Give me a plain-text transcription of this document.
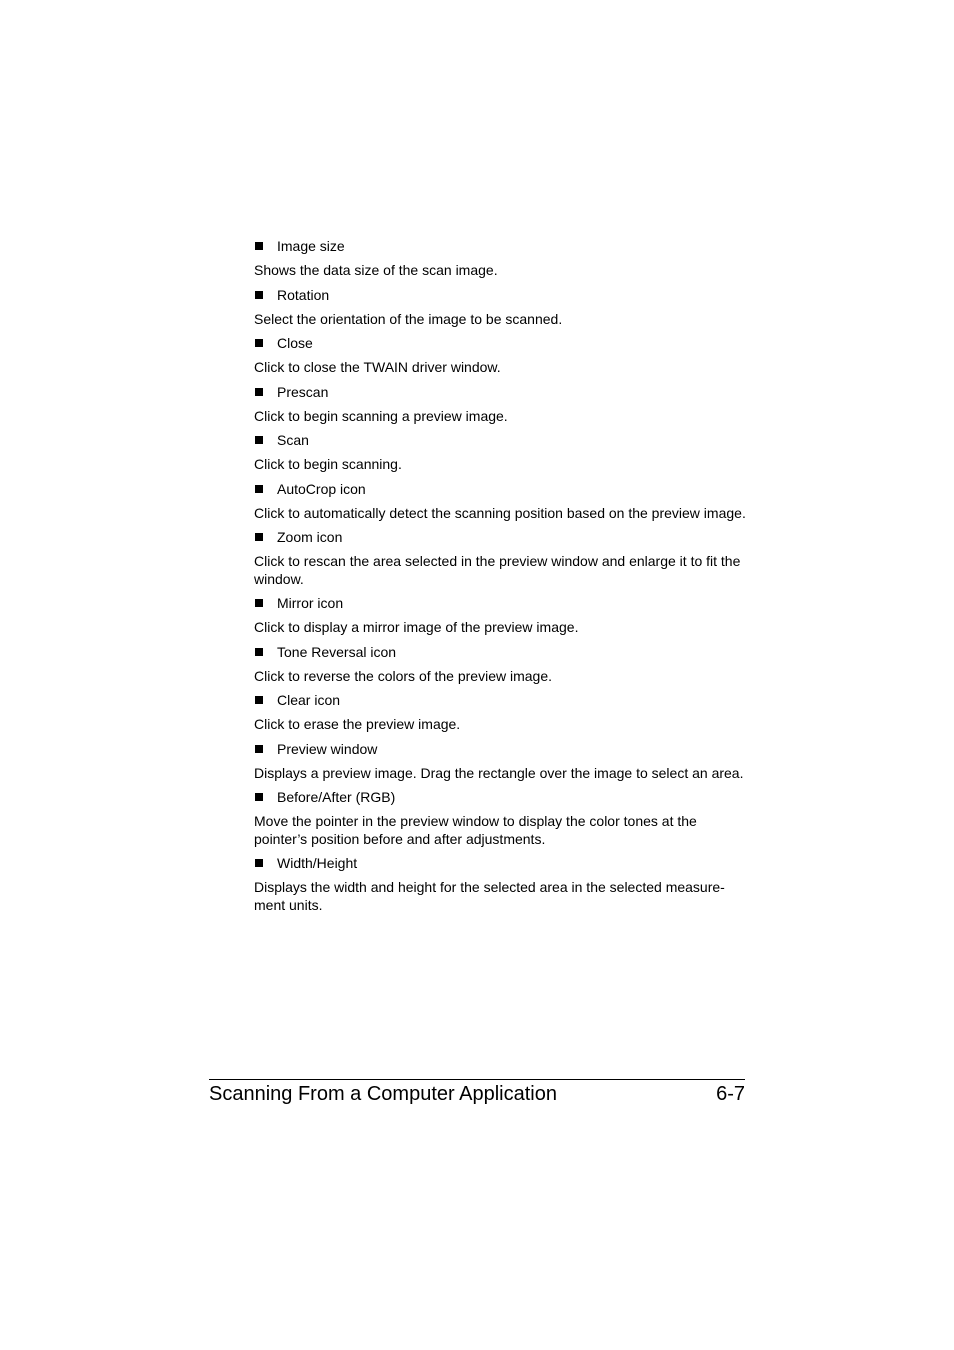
Image size
Shows the data size of the scan image.
Rotation
Select the orientation of the image to be scanned.
Close
Click to close the TWAIN driver window.
Prescan
Click to begin scanning a preview image.
Scan
Click to begin scanning.
AutoCrop icon
Click to automatically detect the scanning position based on the preview image.
Zoom icon
Click to rescan the area selected in the preview window and enlarge it to fit the window.
Mirror icon
Click to display a mirror image of the preview image.
Tone Reversal icon
Click to reverse the colors of the preview image.
Clear icon
Click to erase the preview image.
Preview window
Displays a preview image. Drag the rectangle over the image to select an area.
Before/After (RGB)
Move the pointer in the preview window to display the color tones at the pointer’s position before and after adjustments.
Width/Height
Displays the width and height for the selected area in the selected measure-ment units.
Scanning From a Computer Application	6-7
